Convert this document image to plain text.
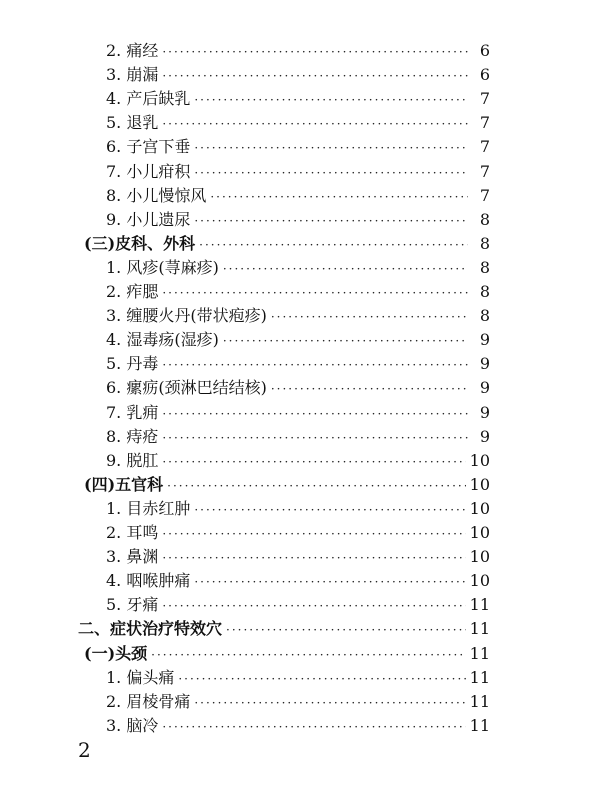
2. 痛经 ·····	6
3. 崩漏 ·····	6
4. 产后缺乳 ·····	7
5. 退乳 ·····	7
6. 子宫下垂 ·····	7
7. 小儿疳积 ·····	7
8. 小儿慢惊风 ·····	7
9. 小儿遗尿 ·····	8
(三)皮科、外科 ·····	8
1. 风疹(荨麻疹) ·····	8
2. 痄腮 ·····	8
3. 缠腰火丹(带状疱疹) ·····	8
4. 湿毒疡(湿疹) ·····	9
5. 丹毒 ·····	9
6. 瘰疬(颈淋巴结结核) ·····	9
7. 乳痈 ·····	9
8. 痔疮 ·····	9
9. 脱肛 ·····	10
(四)五官科 ·····	10
1. 目赤红肿 ·····	10
2. 耳鸣 ·····	10
3. 鼻渊 ·····	10
4. 咽喉肿痛 ·····	10
5. 牙痛 ·····	11
二、症状治疗特效穴 ·····	11
(一)头颈 ·····	11
1. 偏头痛 ·····	11
2. 眉棱骨痛 ·····	11
3. 脑冷 ·····	11
2
